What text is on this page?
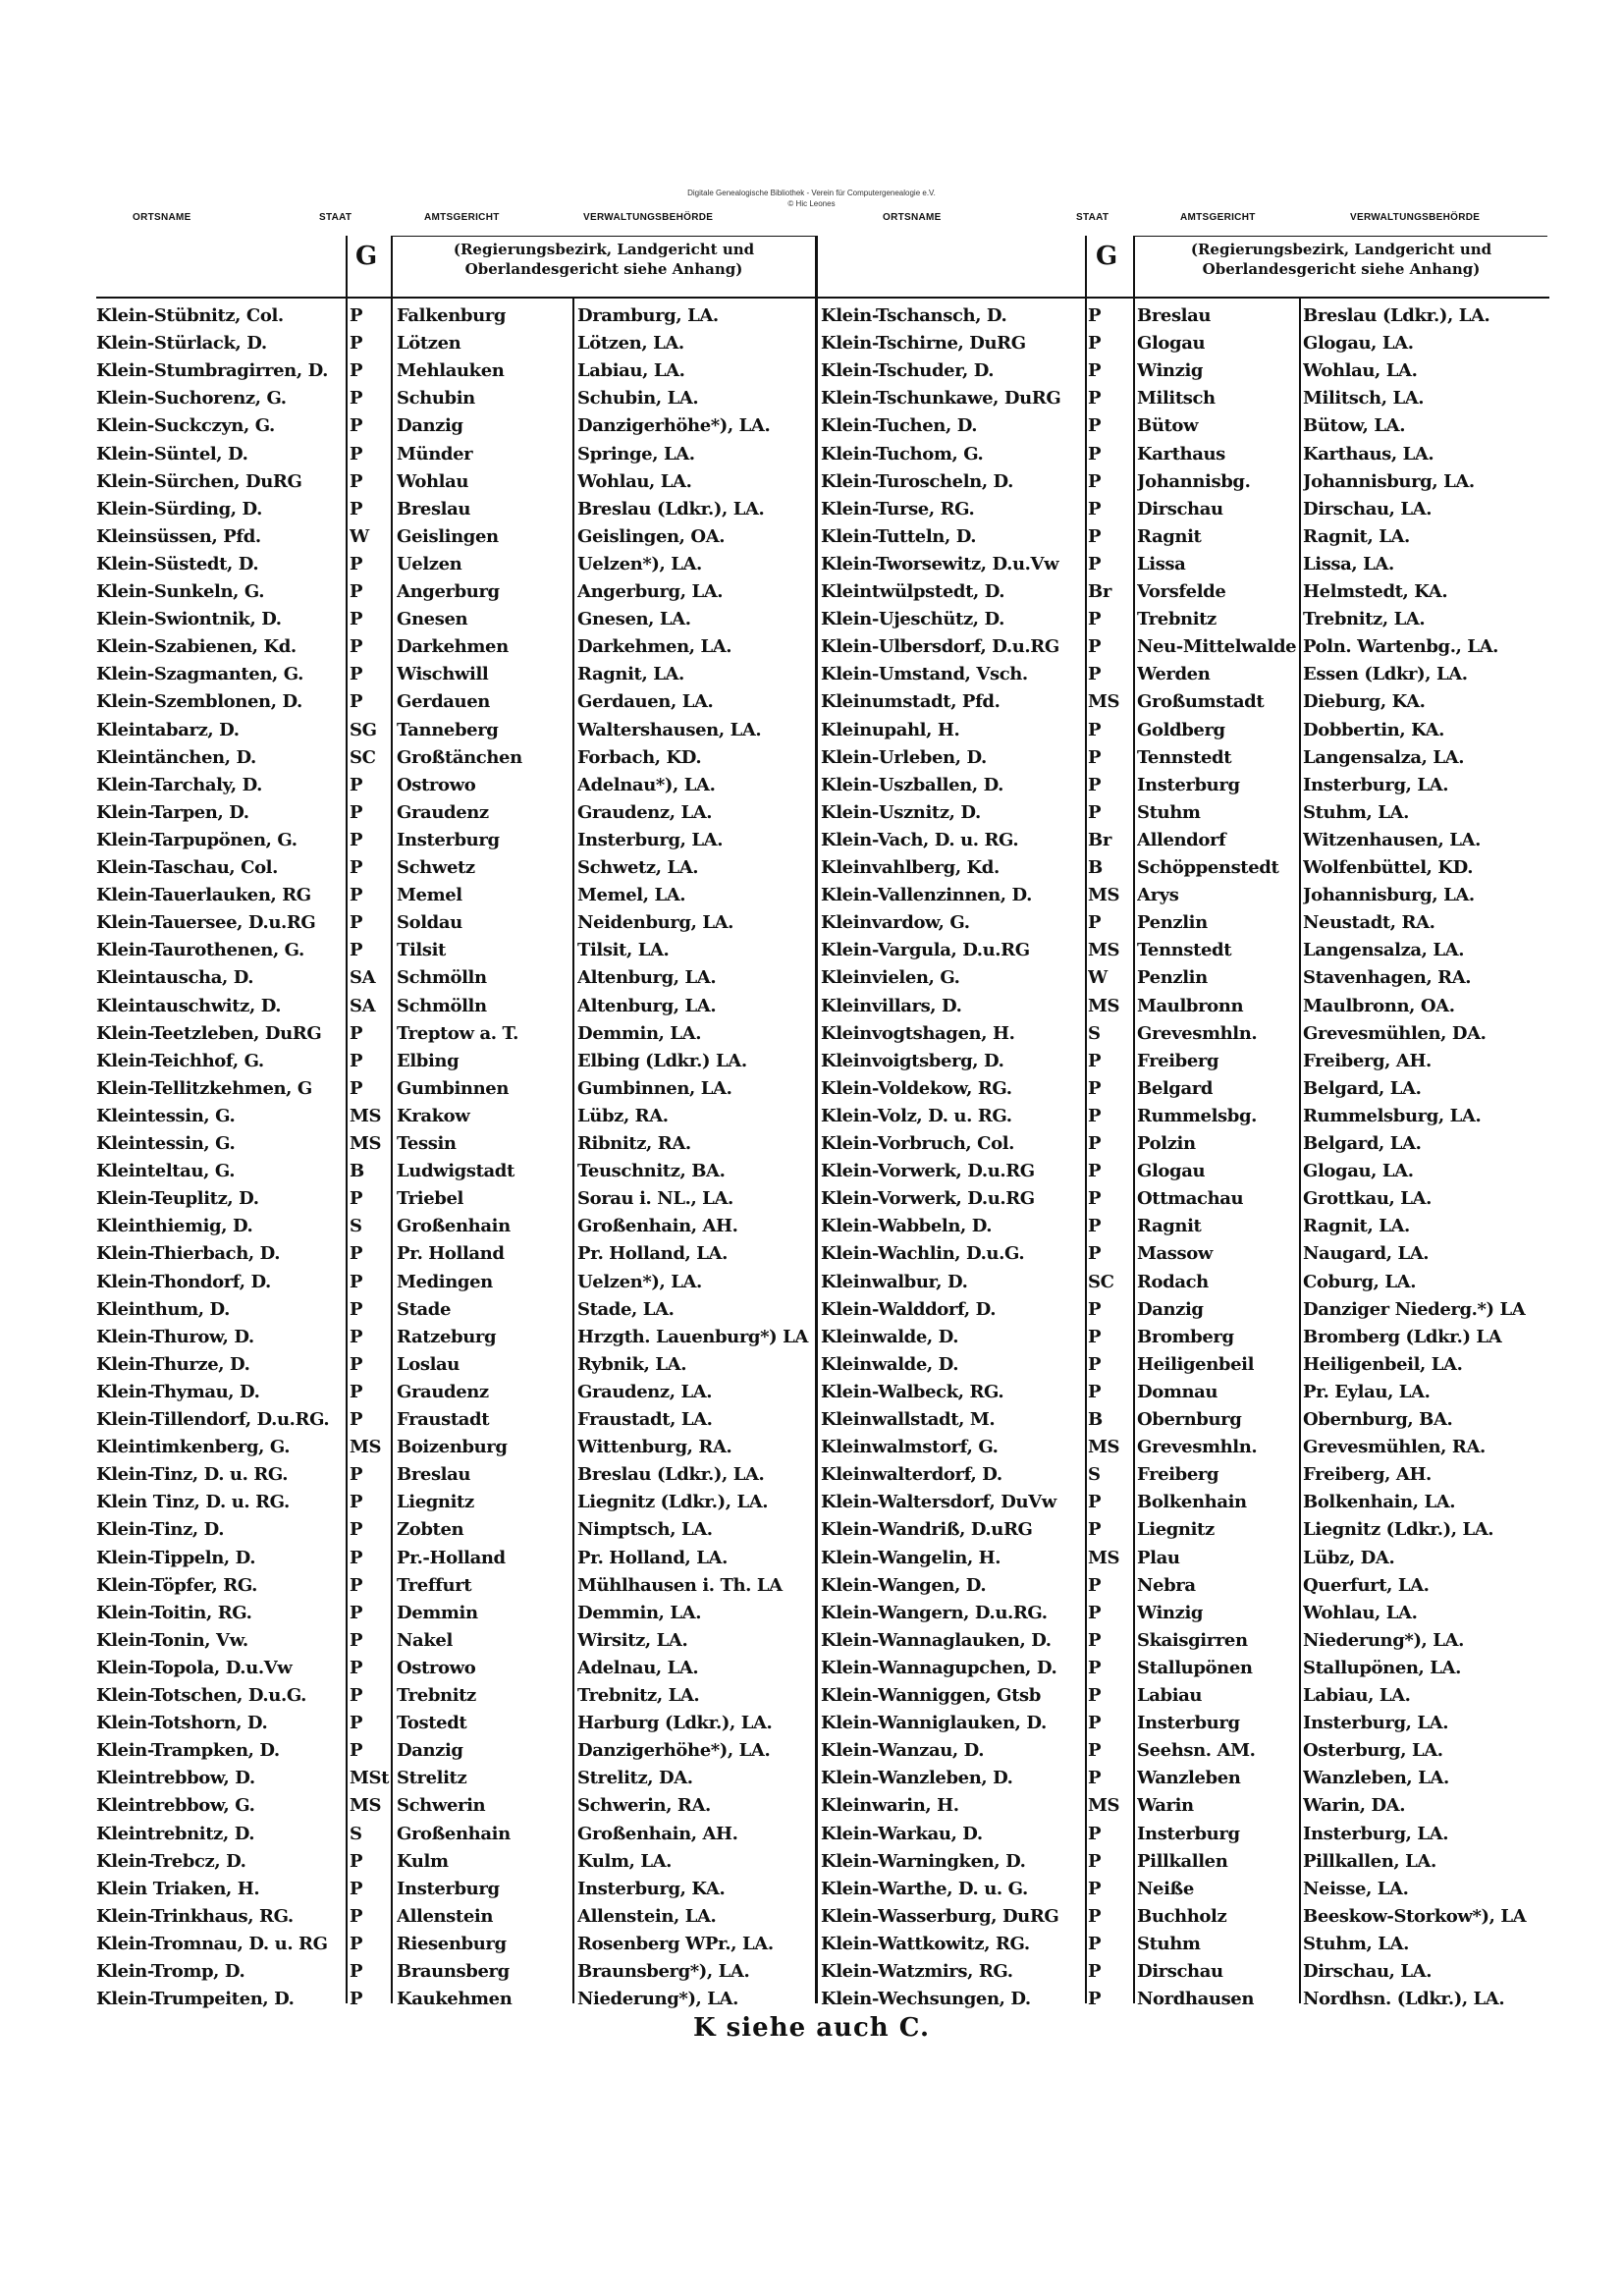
Digitale Genealogische Bibliothek - Verein für Computergenealogie e.V.
© Hic Leones
ORTSNAME	STAAT	AMTSGERICHT	VERWALTUNGSBEHÖRDE	ORTSNAME	STAAT	AMTSGERICHT	VERWALTUNGSBEHÖRDE
G	G
(Regierungsbezirk, Landgericht und
Oberlandesgericht siehe Anhang)
(Regierungsbezirk, Landgericht und
Oberlandesgericht siehe Anhang)
Klein-Stübnitz, Col.	P	Falkenburg	Dramburg, LA.
Klein-Stürlack, D.	P	Lötzen	Lötzen, LA.
Klein-Stumbragirren, D.	P	Mehlauken	Labiau, LA.
Klein-Suchorenz, G.	P	Schubin	Schubin, LA.
Klein-Suckczyn, G.	P	Danzig	Danzigerhöhe*), LA.
Klein-Süntel, D.	P	Münder	Springe, LA.
Klein-Sürchen, DuRG	P	Wohlau	Wohlau, LA.
Klein-Sürding, D.	P	Breslau	Breslau (Ldkr.), LA.
Kleinsüssen, Pfd.	W	Geislingen	Geislingen, OA.
Klein-Süstedt, D.	P	Uelzen	Uelzen*), LA.
Klein-Sunkeln, G.	P	Angerburg	Angerburg, LA.
Klein-Swiontnik, D.	P	Gnesen	Gnesen, LA.
Klein-Szabienen, Kd.	P	Darkehmen	Darkehmen, LA.
Klein-Szagmanten, G.	P	Wischwill	Ragnit, LA.
Klein-Szemblonen, D.	P	Gerdauen	Gerdauen, LA.
Kleintabarz, D.	SG	Tanneberg	Waltershausen, LA.
Kleintänchen, D.	SC	Großtänchen	Forbach, KD.
Klein-Tarchaly, D.	P	Ostrowo	Adelnau*), LA.
Klein-Tarpen, D.	P	Graudenz	Graudenz, LA.
Klein-Tarpupönen, G.	P	Insterburg	Insterburg, LA.
Klein-Taschau, Col.	P	Schwetz	Schwetz, LA.
Klein-Tauerlauken, RG	P	Memel	Memel, LA.
Klein-Tauersee, D.u.RG	P	Soldau	Neidenburg, LA.
Klein-Taurothenen, G.	P	Tilsit	Tilsit, LA.
Kleintauscha, D.	SA	Schmölln	Altenburg, LA.
Kleintauschwitz, D.	SA	Schmölln	Altenburg, LA.
Klein-Teetzleben, DuRG	P	Treptow a. T.	Demmin, LA.
Klein-Teichhof, G.	P	Elbing	Elbing (Ldkr.) LA.
Klein-Tellitzkehmen, G	P	Gumbinnen	Gumbinnen, LA.
Kleintessin, G.	MS Krakow	Lübz, RA.
Kleintessin, G.	MS Tessin	Ribnitz, RA.
Kleinteltau, G.	B	Ludwigstadt	Teuschnitz, BA.
Klein-Teuplitz, D.	P	Triebel	Sorau i. NL., LA.
Kleinthiemig, D.	S	Großenhain	Großenhain, AH.
Klein-Thierbach, D.	P	Pr. Holland	Pr. Holland, LA.
Klein-Thondorf, D.	P	Medingen	Uelzen*), LA.
Kleinthum, D.	P	Stade	Stade, LA.
Klein-Thurow, D.	P	Ratzeburg	Hrzgth. Lauenburg*) LA
Klein-Thurze, D.	P	Loslau	Rybnik, LA.
Klein-Thymau, D.	P	Graudenz	Graudenz, LA.
Klein-Tillendorf, D.u.RG.	P	Fraustadt	Fraustadt, LA.
Kleintimkenberg, G.	MS Boizenburg	Wittenburg, RA.
Klein-Tinz, D. u. RG.	P	Breslau	Breslau (Ldkr.), LA.
Klein Tinz, D. u. RG.	P	Liegnitz	Liegnitz (Ldkr.), LA.
Klein-Tinz, D.	P	Zobten	Nimptsch, LA.
Klein-Tippeln, D.	P	Pr.-Holland	Pr. Holland, LA.
Klein-Töpfer, RG.	P	Treffurt	Mühlhausen i. Th. LA
Klein-Toitin, RG.	P	Demmin	Demmin, LA.
Klein-Tonin, Vw.	P	Nakel	Wirsitz, LA.
Klein-Topola, D.u.Vw	P	Ostrowo	Adelnau, LA.
Klein-Totschen, D.u.G.	P	Trebnitz	Trebnitz, LA.
Klein-Totshorn, D.	P	Tostedt	Harburg (Ldkr.), LA.
Klein-Trampken, D.	P	Danzig	Danzigerhöhe*), LA.
Kleintrebbow, D.	MSt Strelitz	Strelitz, DA.
Kleintrebbow, G.	MS Schwerin	Schwerin, RA.
Kleintrebnitz, D.	S	Großenhain	Großenhain, AH.
Klein-Trebcz, D.	P	Kulm	Kulm, LA.
Klein Triaken, H.	P	Insterburg	Insterburg, KA.
Klein-Trinkhaus, RG.	P	Allenstein	Allenstein, LA.
Klein-Tromnau, D. u. RG	P	Riesenburg	Rosenberg WPr., LA.
Klein-Tromp, D.	P	Braunsberg	Braunsberg*), LA.
Klein-Trumpeiten, D.	P	Kaukehmen	Niederung*), LA.
Klein-Tschansch, D.	P	Breslau	Breslau (Ldkr.), LA.
Klein-Tschirne, DuRG	P	Glogau	Glogau, LA.
Klein-Tschuder, D.	P	Winzig	Wohlau, LA.
Klein-Tschunkawe, DuRG	P	Militsch	Militsch, LA.
Klein-Tuchen, D.	P	Bütow	Bütow, LA.
Klein-Tuchom, G.	P	Karthaus	Karthaus, LA.
Klein-Turoscheln, D.	P	Johannisbg.	Johannisburg, LA.
Klein-Turse, RG.	P	Dirschau	Dirschau, LA.
Klein-Tutteln, D.	P	Ragnit	Ragnit, LA.
Klein-Tworsewitz, D.u.Vw	P	Lissa	Lissa, LA.
Kleintwülpstedt, D.	Br	Vorsfelde	Helmstedt, KA.
Klein-Ujeschütz, D.	P	Trebnitz	Trebnitz, LA.
Klein-Ulbersdorf, D.u.RG	P	Neu-Mittelwalde Poln. Wartenbg., LA.
Klein-Umstand, Vsch.	P	Werden	Essen (Ldkr), LA.
Kleinumstadt, Pfd.	MS Großumstadt	Dieburg, KA.
Kleinupahl, H.	P	Goldberg	Dobbertin, KA.
Klein-Urleben, D.	P	Tennstedt	Langensalza, LA.
Klein-Uszballen, D.	P	Insterburg	Insterburg, LA.
Klein-Usznitz, D.	P	Stuhm	Stuhm, LA.
Klein-Vach, D. u. RG.	Br	Allendorf	Witzenhausen, LA.
Kleinvahlberg, Kd.	B	Schöppenstedt	Wolfenbüttel, KD.
Klein-Vallenzinnen, D.	MS Arys	Johannisburg, LA.
Kleinvardow, G.	P	Penzlin	Neustadt, RA.
Klein-Vargula, D.u.RG	MS Tennstedt	Langensalza, LA.
Kleinvielen, G.	W	Penzlin	Stavenhagen, RA.
Kleinvillars, D.	MS Maulbronn	Maulbronn, OA.
Kleinvogtshagen, H.	S	Grevesmhln.	Grevesmühlen, DA.
Kleinvoigtsberg, D.	P	Freiberg	Freiberg, AH.
Klein-Voldekow, RG.	P	Belgard	Belgard, LA.
Klein-Volz, D. u. RG.	P	Rummelsbg.	Rummelsburg, LA.
Klein-Vorbruch, Col.	P	Polzin	Belgard, LA.
Klein-Vorwerk, D.u.RG	P	Glogau	Glogau, LA.
Klein-Vorwerk, D.u.RG	P	Ottmachau	Grottkau, LA.
Klein-Wabbeln, D.	P	Ragnit	Ragnit, LA.
Klein-Wachlin, D.u.G.	P	Massow	Naugard, LA.
Kleinwalbur, D.	SC	Rodach	Coburg, LA.
Klein-Walddorf, D.	P	Danzig	Danziger Niederg.*) LA
Kleinwalde, D.	P	Bromberg	Bromberg (Ldkr.) LA
Kleinwalde, D.	P	Heiligenbeil	Heiligenbeil, LA.
Klein-Walbeck, RG.	P	Domnau	Pr. Eylau, LA.
Kleinwallstadt, M.	B	Obernburg	Obernburg, BA.
Kleinwalmstorf, G.	MS Grevesmhln.	Grevesmühlen, RA.
Kleinwalterdorf, D.	S	Freiberg	Freiberg, AH.
Klein-Waltersdorf, DuVw	P	Bolkenhain	Bolkenhain, LA.
Klein-Wandriß, D.uRG	P	Liegnitz	Liegnitz (Ldkr.), LA.
Klein-Wangelin, H.	MS Plau	Lübz, DA.
Klein-Wangen, D.	P	Nebra	Querfurt, LA.
Klein-Wangern, D.u.RG.	P	Winzig	Wohlau, LA.
Klein-Wannaglauken, D.	P	Skaisgirren	Niederung*), LA.
Klein-Wannagupchen, D.	P	Stallupönen	Stallupönen, LA.
Klein-Wanniggen, Gtsb	P	Labiau	Labiau, LA.
Klein-Wanniglauken, D.	P	Insterburg	Insterburg, LA.
Klein-Wanzau, D.	P	Seehsn. AM.	Osterburg, LA.
Klein-Wanzleben, D.	P	Wanzleben	Wanzleben, LA.
Kleinwarin, H.	MS Warin	Warin, DA.
Klein-Warkau, D.	P	Insterburg	Insterburg, LA.
Klein-Warningken, D.	P	Pillkallen	Pillkallen, LA.
Klein-Warthe, D. u. G.	P	Neiße	Neisse, LA.
Klein-Wasserburg, DuRG	P	Buchholz	Beeskow-Storkow*), LA
Klein-Wattkowitz, RG.	P	Stuhm	Stuhm, LA.
Klein-Watzmirs, RG.	P	Dirschau	Dirschau, LA.
Klein-Wechsungen, D.	P	Nordhausen	Nordhsn. (Ldkr.), LA.
K siehe auch C.
